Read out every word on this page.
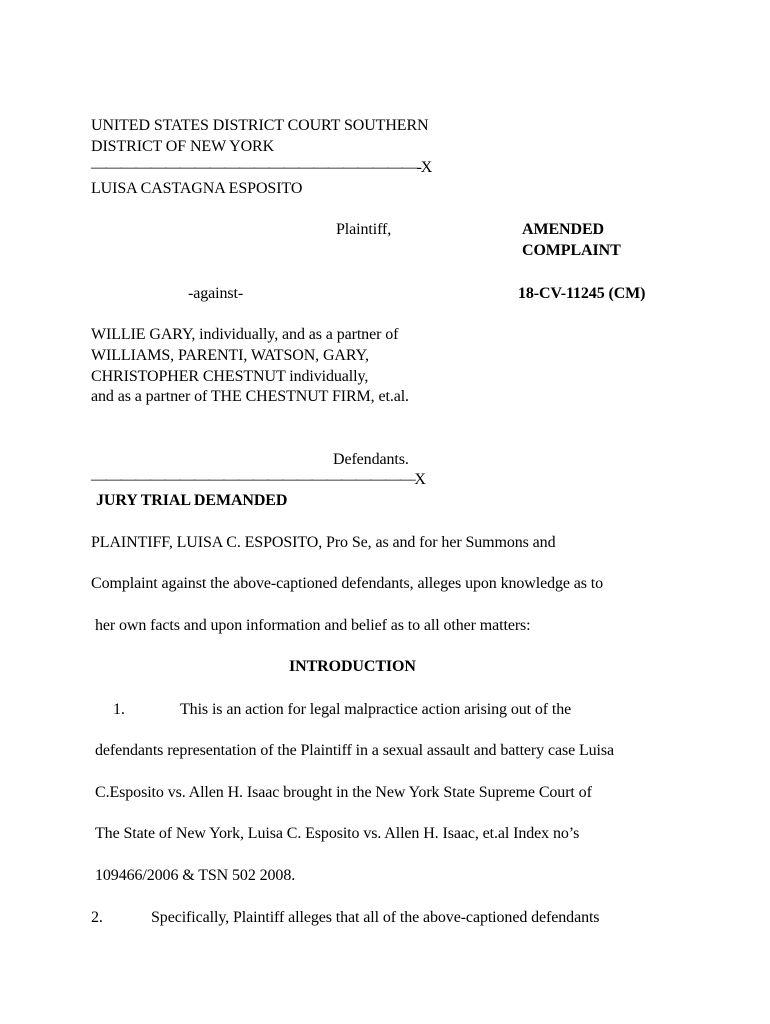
UNITED STATES DISTRICT COURT SOUTHERN
DISTRICT OF NEW YORK
——————————————————————-X
LUISA CASTAGNA ESPOSITO
Plaintiff,	AMENDED
COMPLAINT
-against-	18-CV-11245 (CM)
WILLIE GARY, individually, and as a partner of
WILLIAMS, PARENTI, WATSON, GARY,
CHRISTOPHER CHESTNUT individually,
and as a partner of THE CHESTNUT FIRM, et.al.
Defendants.
——————————————————————X
JURY TRIAL DEMANDED
PLAINTIFF, LUISA C. ESPOSITO, Pro Se, as and for her Summons and
Complaint against the above-captioned defendants, alleges upon knowledge as to
her own facts and upon information and belief as to all other matters:
INTRODUCTION
1.	This is an action for legal malpractice action arising out of the
defendants representation of the Plaintiff in a sexual assault and battery case Luisa
C.Esposito vs. Allen H. Isaac brought in the New York State Supreme Court of
The State of New York, Luisa C. Esposito vs. Allen H. Isaac, et.al Index no’s
109466/2006 & TSN 502 2008.
2.	Specifically, Plaintiff alleges that all of the above-captioned defendants
